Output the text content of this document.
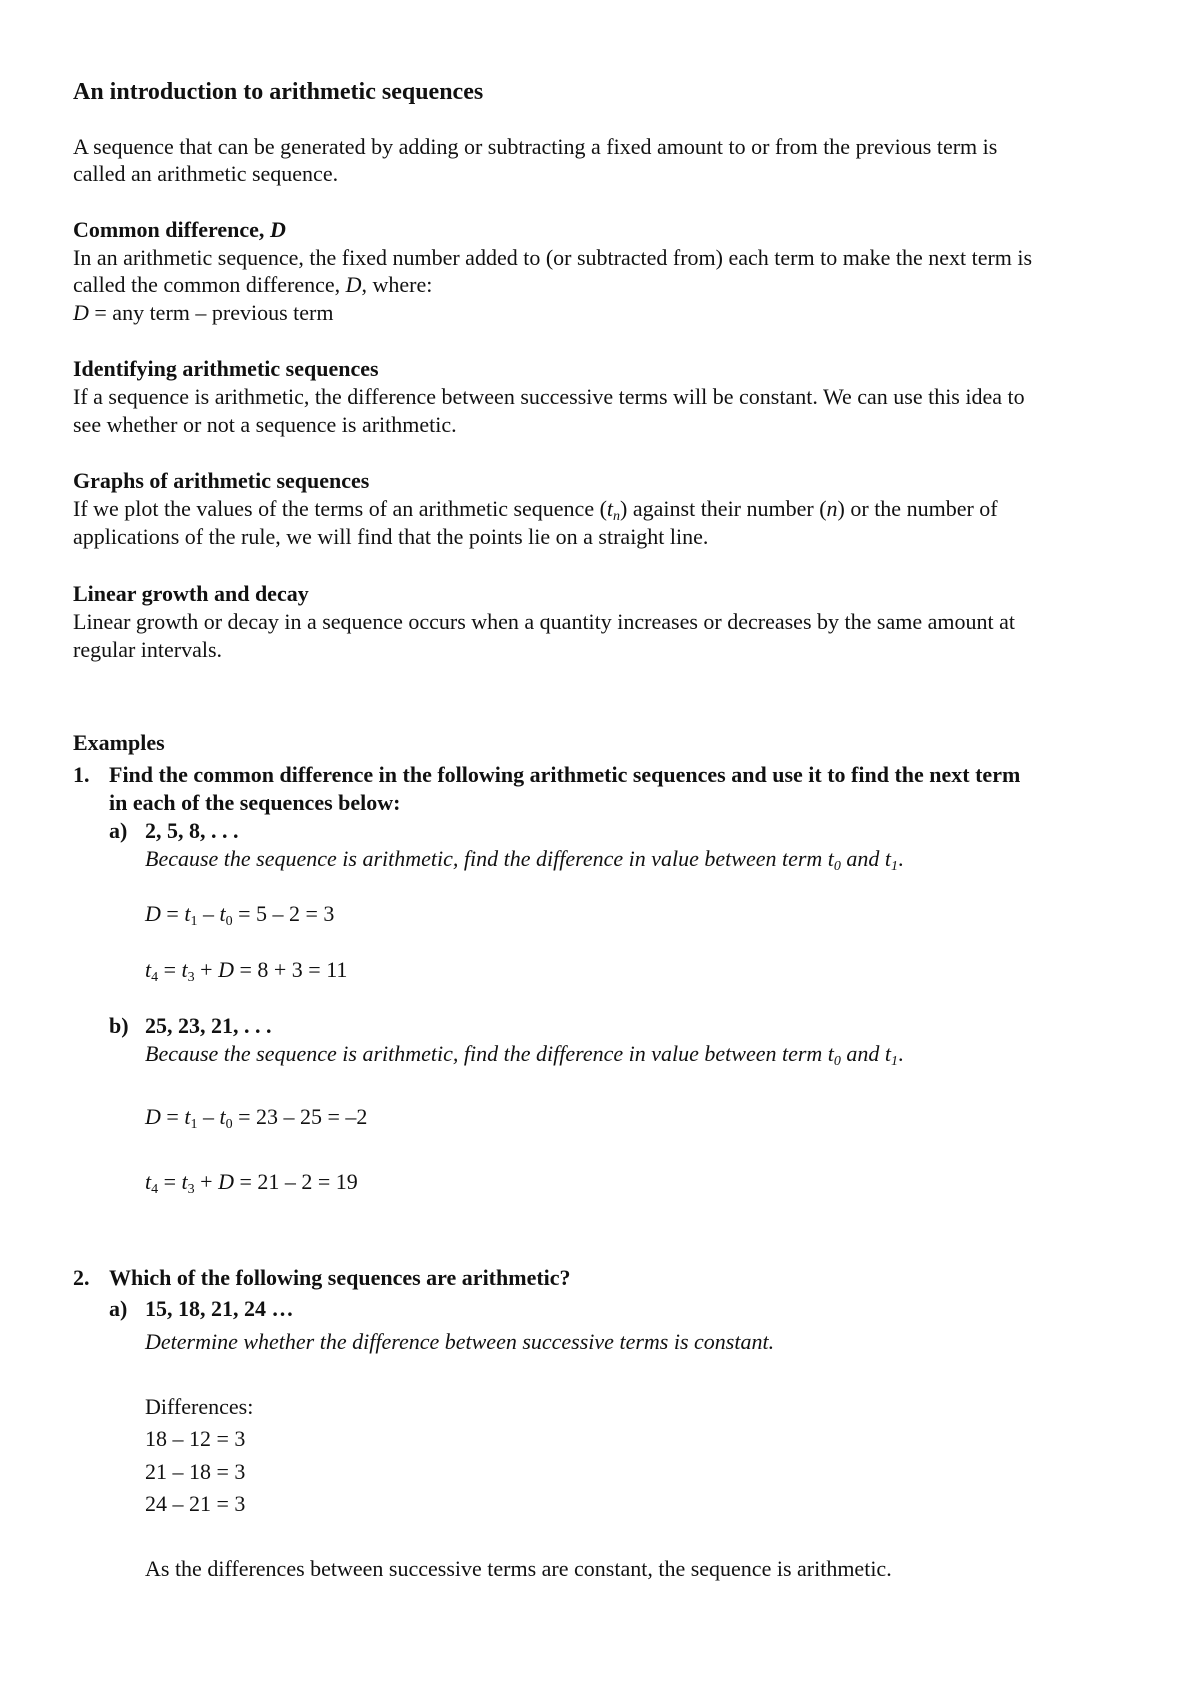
An introduction to arithmetic sequences
A sequence that can be generated by adding or subtracting a fixed amount to or from the previous term is
called an arithmetic sequence.
Common difference, D
In an arithmetic sequence, the fixed number added to (or subtracted from) each term to make the next term is
called the common difference, D, where:
D = any term – previous term
Identifying arithmetic sequences
If a sequence is arithmetic, the difference between successive terms will be constant. We can use this idea to
see whether or not a sequence is arithmetic.
Graphs of arithmetic sequences
If we plot the values of the terms of an arithmetic sequence $(t_n)$ against their number (n) or the number of
applications of the rule, we will find that the points lie on a straight line.
Linear growth and decay
Linear growth or decay in a sequence occurs when a quantity increases or decreases by the same amount at
regular intervals.
Examples
1. Find the common difference in the following arithmetic sequences and use it to find the next term
in each of the sequences below:
a) 2, 5, 8, . . .
Because the sequence is arithmetic, find the difference in value between term $t_0$ and $t_1$.
$D = t_1 - t_0 = 5 - 2 = 3$
$t_4 = t_3 + D = 8 + 3 = 11$
b) 25, 23, 21, . . .
Because the sequence is arithmetic, find the difference in value between term $t_0$ and $t_1$.
$D = t_1 - t_0 = 23 - 25 = -2$
$t_4 = t_3 + D = 21 - 2 = 19$
2. Which of the following sequences are arithmetic?
a) 15, 18, 21, 24 …
Determine whether the difference between successive terms is constant.
Differences:
18 – 12 = 3
21 – 18 = 3
24 – 21 = 3
As the differences between successive terms are constant, the sequence is arithmetic.
